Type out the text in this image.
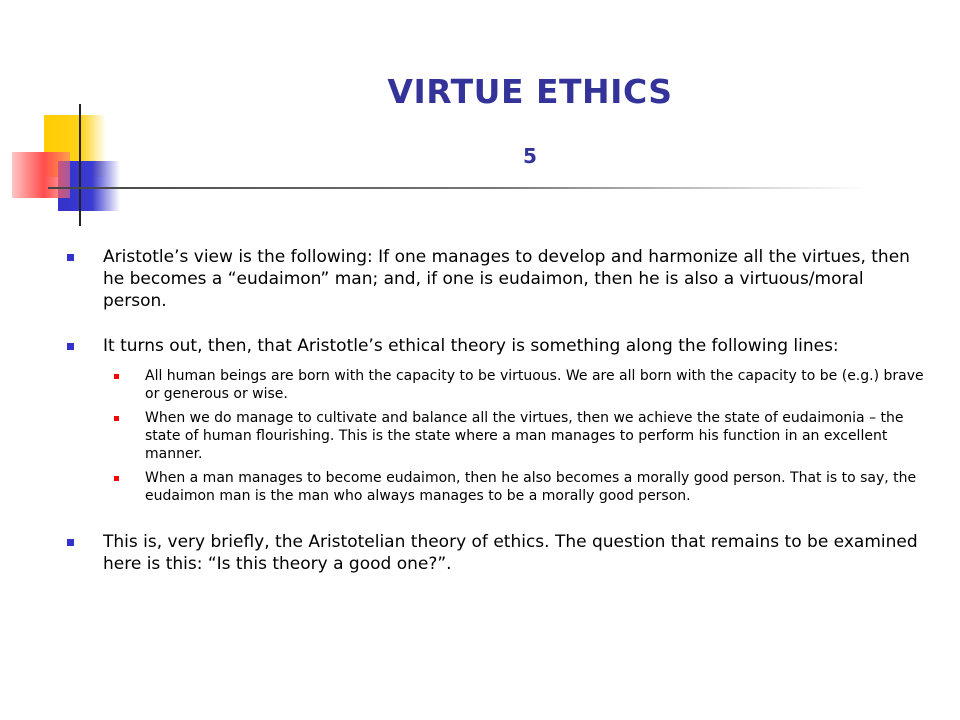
VIRTUE ETHICS
5
Aristotle’s view is the following: If one manages to develop and harmonize all the virtues, then he becomes a “eudaimon” man; and, if one is eudaimon, then he is also a virtuous/moral person.
It turns out, then, that Aristotle’s ethical theory is something along the following lines:
All human beings are born with the capacity to be virtuous. We are all born with the capacity to be (e.g.) brave or generous or wise.
When we do manage to cultivate and balance all the virtues, then we achieve the state of eudaimonia – the state of human flourishing. This is the state where a man manages to perform his function in an excellent manner.
When a man manages to become eudaimon, then he also becomes a morally good person. That is to say, the eudaimon man is the man who always manages to be a morally good person.
This is, very briefly, the Aristotelian theory of ethics. The question that remains to be examined here is this: “Is this theory a good one?”.
